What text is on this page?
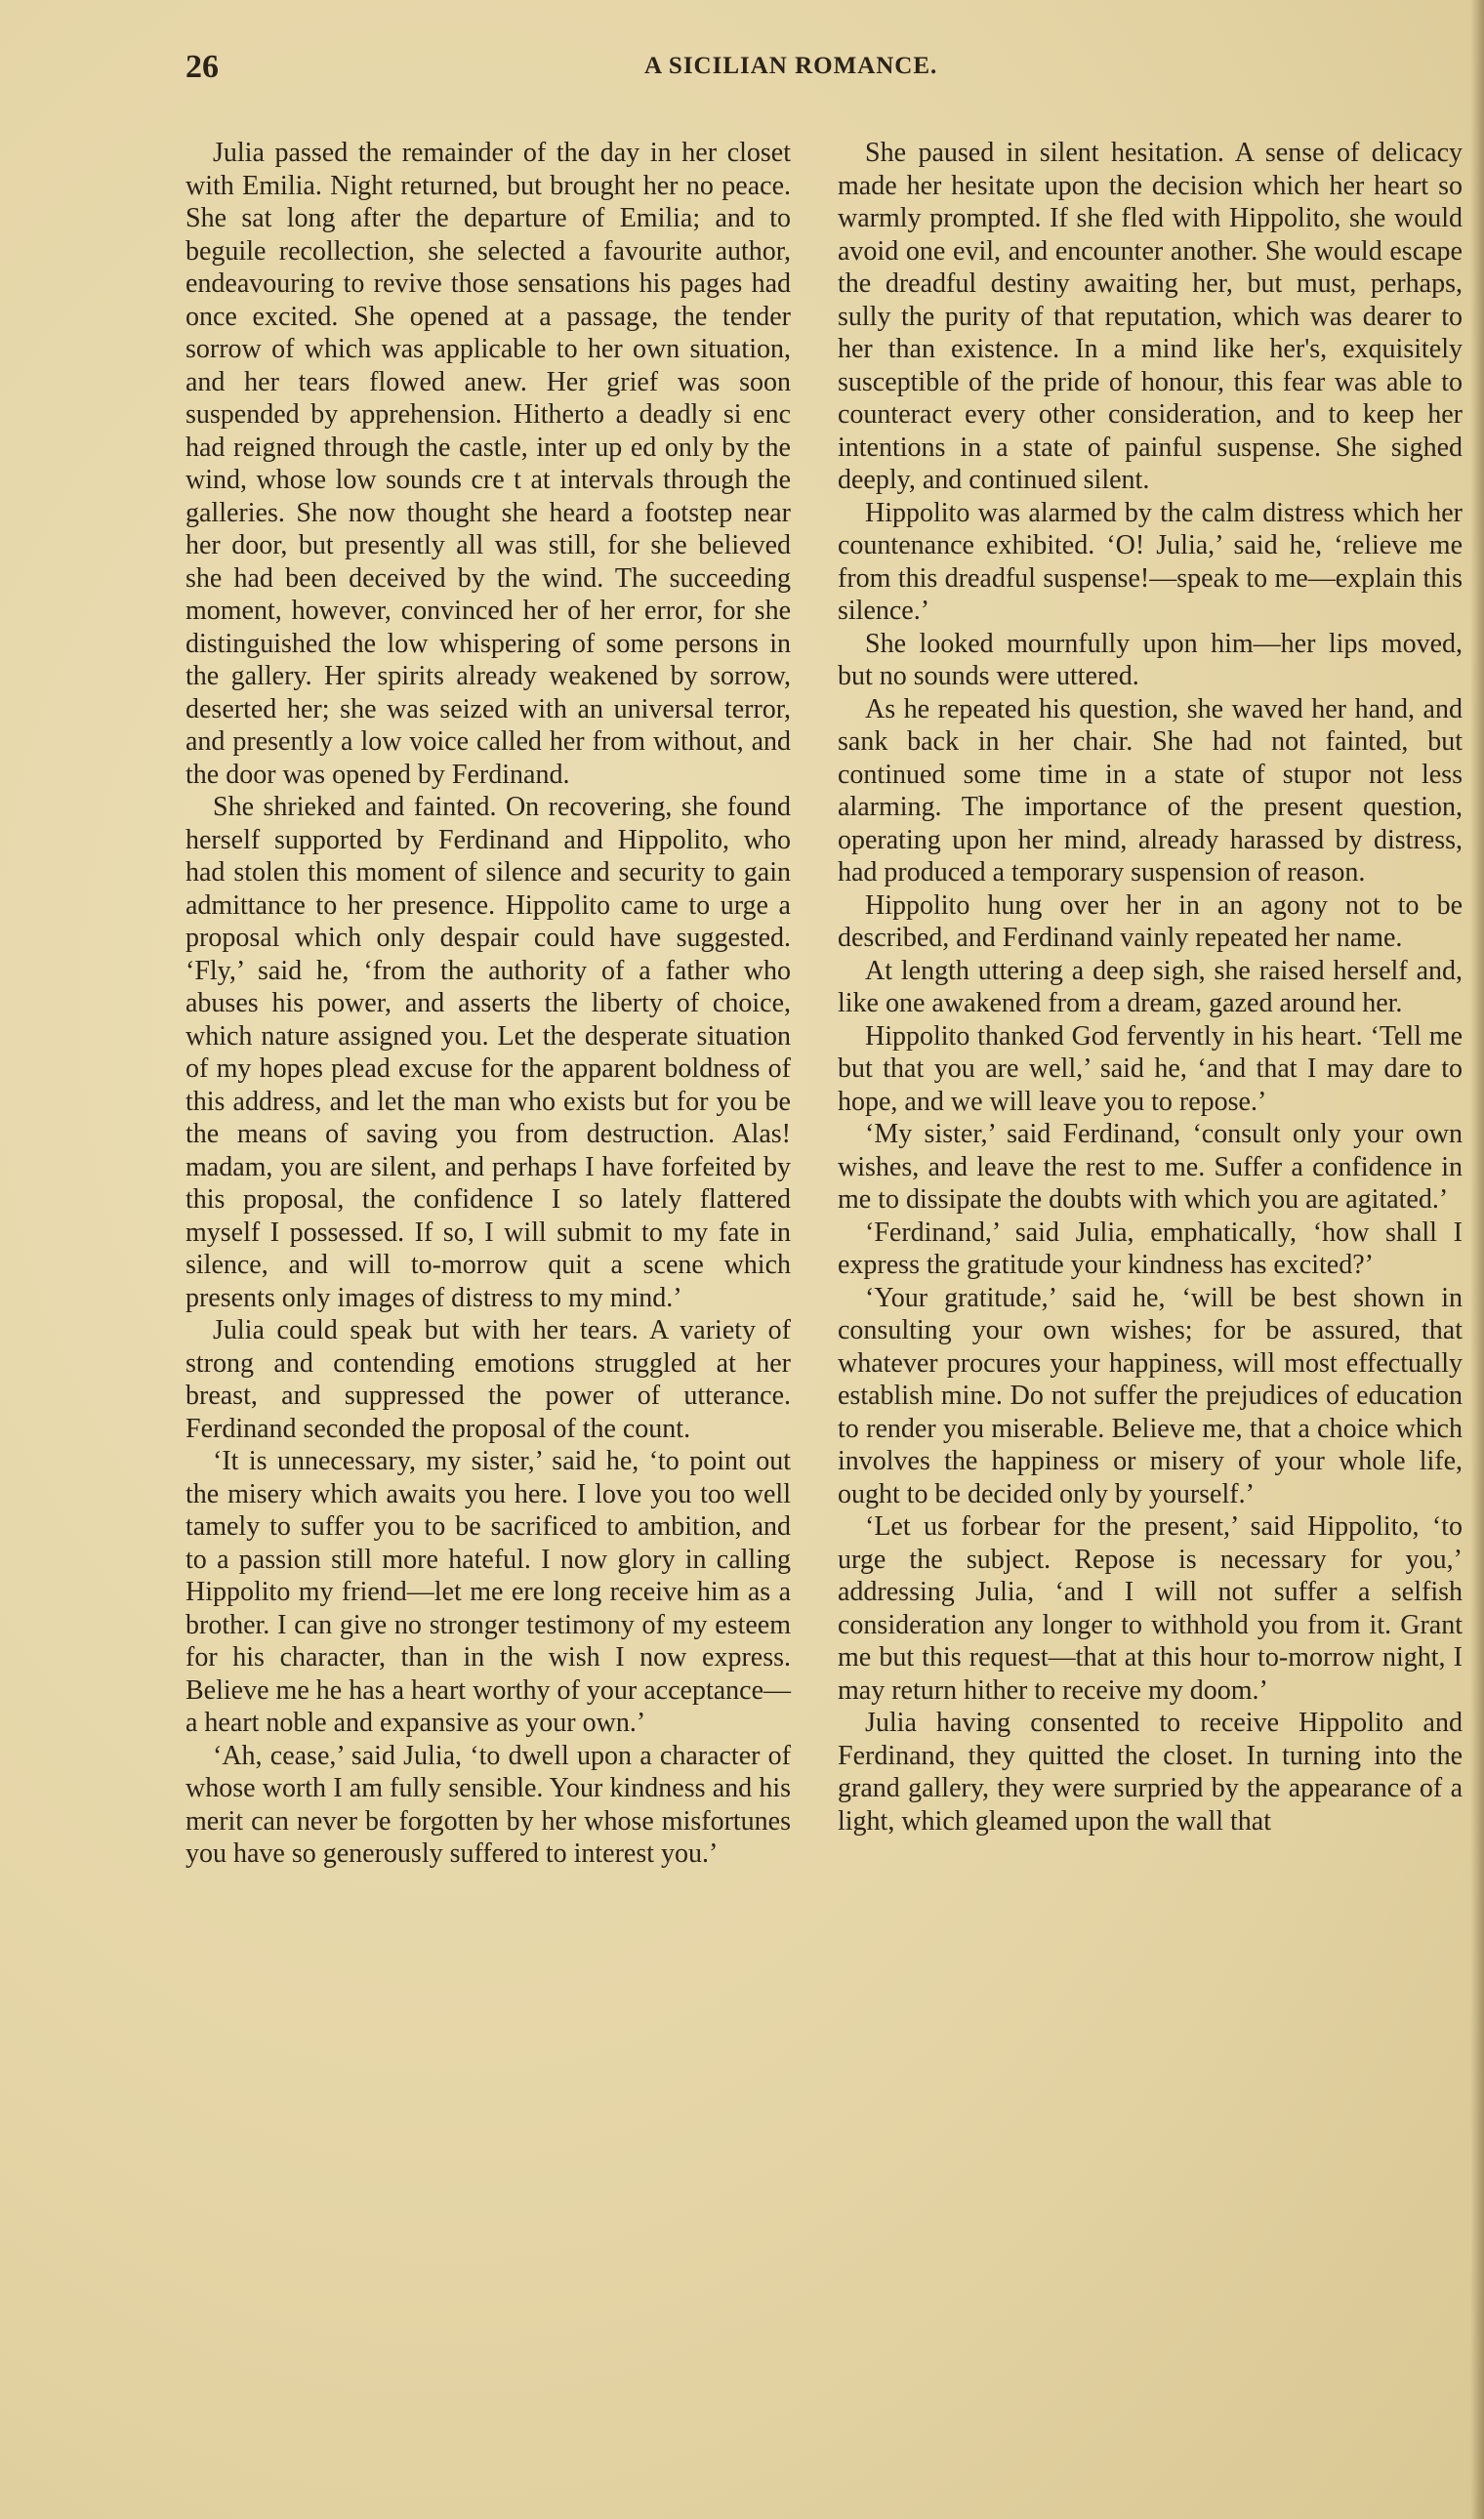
26	A SICILIAN ROMANCE.

Julia passed the remainder of the day in her closet with Emilia. Night returned, but brought her no peace. She sat long after the departure of Emilia; and to beguile recollection, she selected a favourite author, endeavouring to revive those sensations his pages had once excited. She opened at a passage, the tender sorrow of which was applicable to her own situation, and her tears flowed anew. Her grief was soon suspended by apprehension. Hitherto a deadly si enc had reigned through the castle, inter up ed only by the wind, whose low sounds cre t at intervals through the galleries. She now thought she heard a footstep near her door, but presently all was still, for she believed she had been deceived by the wind. The succeeding moment, however, convinced her of her error, for she distinguished the low whispering of some persons in the gallery. Her spirits already weakened by sorrow, deserted her; she was seized with an universal terror, and presently a low voice called her from without, and the door was opened by Ferdinand.

She shrieked and fainted. On recovering, she found herself supported by Ferdinand and Hippolito, who had stolen this moment of silence and security to gain admittance to her presence. Hippolito came to urge a proposal which only despair could have suggested. ‘Fly,’ said he, ‘from the authority of a father who abuses his power, and asserts the liberty of choice, which nature assigned you. Let the desperate situation of my hopes plead excuse for the apparent boldness of this address, and let the man who exists but for you be the means of saving you from destruction. Alas! madam, you are silent, and perhaps I have forfeited by this proposal, the confidence I so lately flattered myself I possessed. If so, I will submit to my fate in silence, and will to-morrow quit a scene which presents only images of distress to my mind.’

Julia could speak but with her tears. A variety of strong and contending emotions struggled at her breast, and suppressed the power of utterance. Ferdinand seconded the proposal of the count.

‘It is unnecessary, my sister,’ said he, ‘to point out the misery which awaits you here. I love you too well tamely to suffer you to be sacrificed to ambition, and to a passion still more hateful. I now glory in calling Hippolito my friend—let me ere long receive him as a brother. I can give no stronger testimony of my esteem for his character, than in the wish I now express. Believe me he has a heart worthy of your acceptance—a heart noble and expansive as your own.’

‘Ah, cease,’ said Julia, ‘to dwell upon a character of whose worth I am fully sensible. Your kindness and his merit can never be forgotten by her whose misfortunes you have so generously suffered to interest you.’

She paused in silent hesitation. A sense of delicacy made her hesitate upon the decision which her heart so warmly prompted. If she fled with Hippolito, she would avoid one evil, and encounter another. She would escape the dreadful destiny awaiting her, but must, perhaps, sully the purity of that reputation, which was dearer to her than existence. In a mind like her's, exquisitely susceptible of the pride of honour, this fear was able to counteract every other consideration, and to keep her intentions in a state of painful suspense. She sighed deeply, and continued silent.

Hippolito was alarmed by the calm distress which her countenance exhibited. ‘O! Julia,’ said he, ‘relieve me from this dreadful suspense!—speak to me—explain this silence.’

She looked mournfully upon him—her lips moved, but no sounds were uttered.

As he repeated his question, she waved her hand, and sank back in her chair. She had not fainted, but continued some time in a state of stupor not less alarming. The importance of the present question, operating upon her mind, already harassed by distress, had produced a temporary suspension of reason.

Hippolito hung over her in an agony not to be described, and Ferdinand vainly repeated her name.

At length uttering a deep sigh, she raised herself and, like one awakened from a dream, gazed around her.

Hippolito thanked God fervently in his heart. ‘Tell me but that you are well,’ said he, ‘and that I may dare to hope, and we will leave you to repose.’

‘My sister,’ said Ferdinand, ‘consult only your own wishes, and leave the rest to me. Suffer a confidence in me to dissipate the doubts with which you are agitated.’

‘Ferdinand,’ said Julia, emphatically, ‘how shall I express the gratitude your kindness has excited?’

‘Your gratitude,’ said he, ‘will be best shown in consulting your own wishes; for be assured, that whatever procures your happiness, will most effectually establish mine. Do not suffer the prejudices of education to render you miserable. Believe me, that a choice which involves the happiness or misery of your whole life, ought to be decided only by yourself.’

‘Let us forbear for the present,’ said Hippolito, ‘to urge the subject. Repose is necessary for you,’ addressing Julia, ‘and I will not suffer a selfish consideration any longer to withhold you from it. Grant me but this request—that at this hour to-morrow night, I may return hither to receive my doom.’

Julia having consented to receive Hippolito and Ferdinand, they quitted the closet. In turning into the grand gallery, they were surpried by the appearance of a light, which gleamed upon the wall that
